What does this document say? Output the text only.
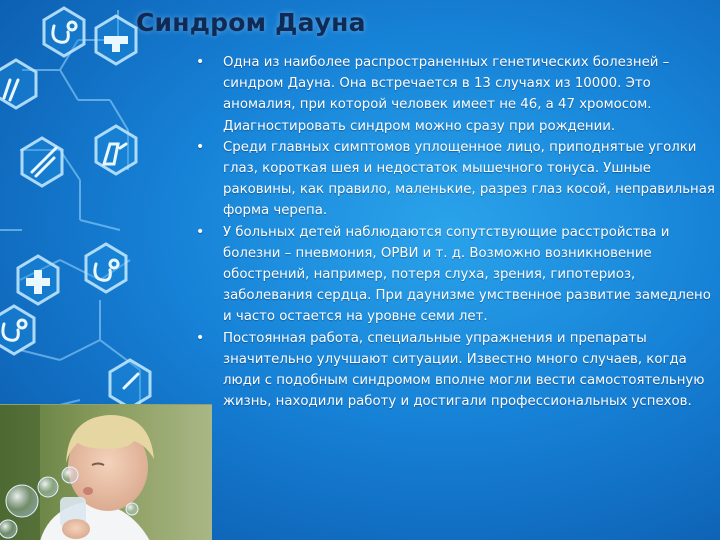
Синдром Дауна
• Одна из наиболее распространенных генетических болезней – синдром Дауна. Она встречается в 13 случаях из 10000. Это аномалия, при которой человек имеет не 46, а 47 хромосом. Диагностировать синдром можно сразу при рождении.
• Среди главных симптомов уплощенное лицо, приподнятые уголки глаз, короткая шея и недостаток мышечного тонуса. Ушные раковины, как правило, маленькие, разрез глаз косой, неправильная форма черепа.
• У больных детей наблюдаются сопутствующие расстройства и болезни – пневмония, ОРВИ и т. д. Возможно возникновение обострений, например, потеря слуха, зрения, гипотериоз, заболевания сердца. При даунизме умственное развитие замедлено и часто остается на уровне семи лет.
• Постоянная работа, специальные упражнения и препараты значительно улучшают ситуации. Известно много случаев, когда люди с подобным синдромом вполне могли вести самостоятельную жизнь, находили работу и достигали профессиональных успехов.
